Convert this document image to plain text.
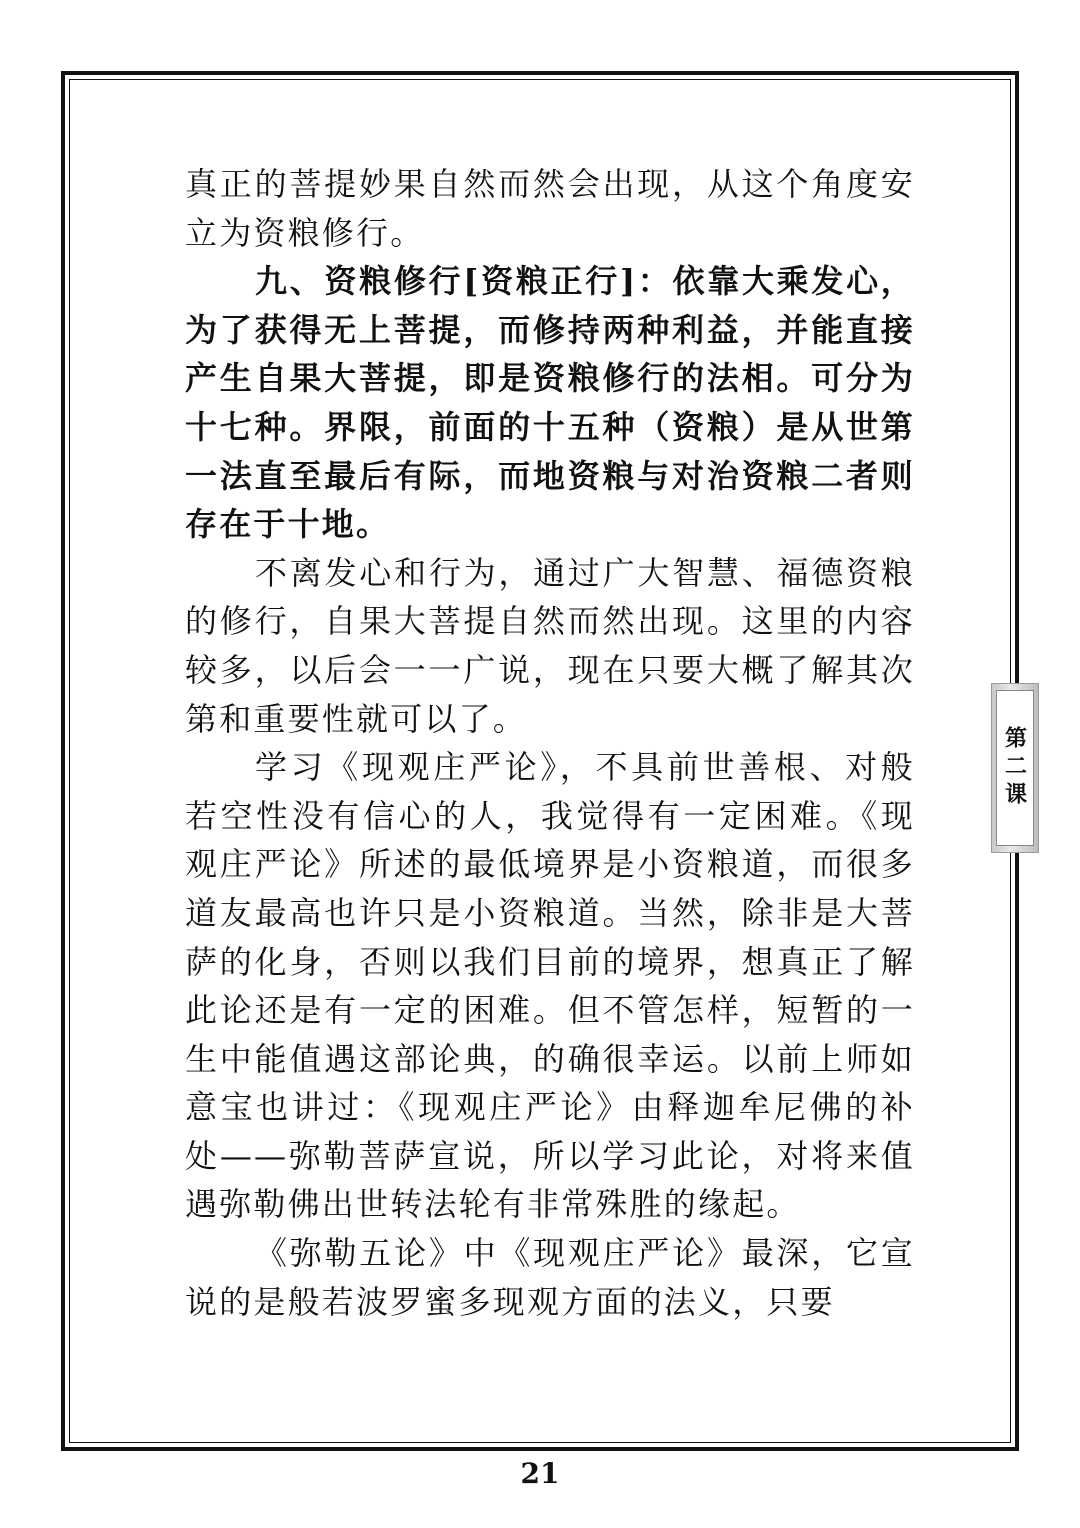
真正的菩提妙果自然而然会出现，从这个角度安立为资粮修行。

九、资粮修行[资粮正行]：依靠大乘发心，为了获得无上菩提，而修持两种利益，并能直接产生自果大菩提，即是资粮修行的法相。可分为十七种。界限，前面的十五种（资粮）是从世第一法直至最后有际，而地资粮与对治资粮二者则存在于十地。

不离发心和行为，通过广大智慧、福德资粮的修行，自果大菩提自然而然出现。这里的内容较多，以后会一一广说，现在只要大概了解其次第和重要性就可以了。

学习《现观庄严论》，不具前世善根、对般若空性没有信心的人，我觉得有一定困难。《现观庄严论》所述的最低境界是小资粮道，而很多道友最高也许只是小资粮道。当然，除非是大菩萨的化身，否则以我们目前的境界，想真正了解此论还是有一定的困难。但不管怎样，短暂的一生中能值遇这部论典，的确很幸运。以前上师如意宝也讲过：《现观庄严论》由释迦牟尼佛的补处——弥勒菩萨宣说，所以学习此论，对将来值遇弥勒佛出世转法轮有非常殊胜的缘起。

《弥勒五论》中《现观庄严论》最深，它宣说的是般若波罗蜜多现观方面的法义，只要

第二课
21
